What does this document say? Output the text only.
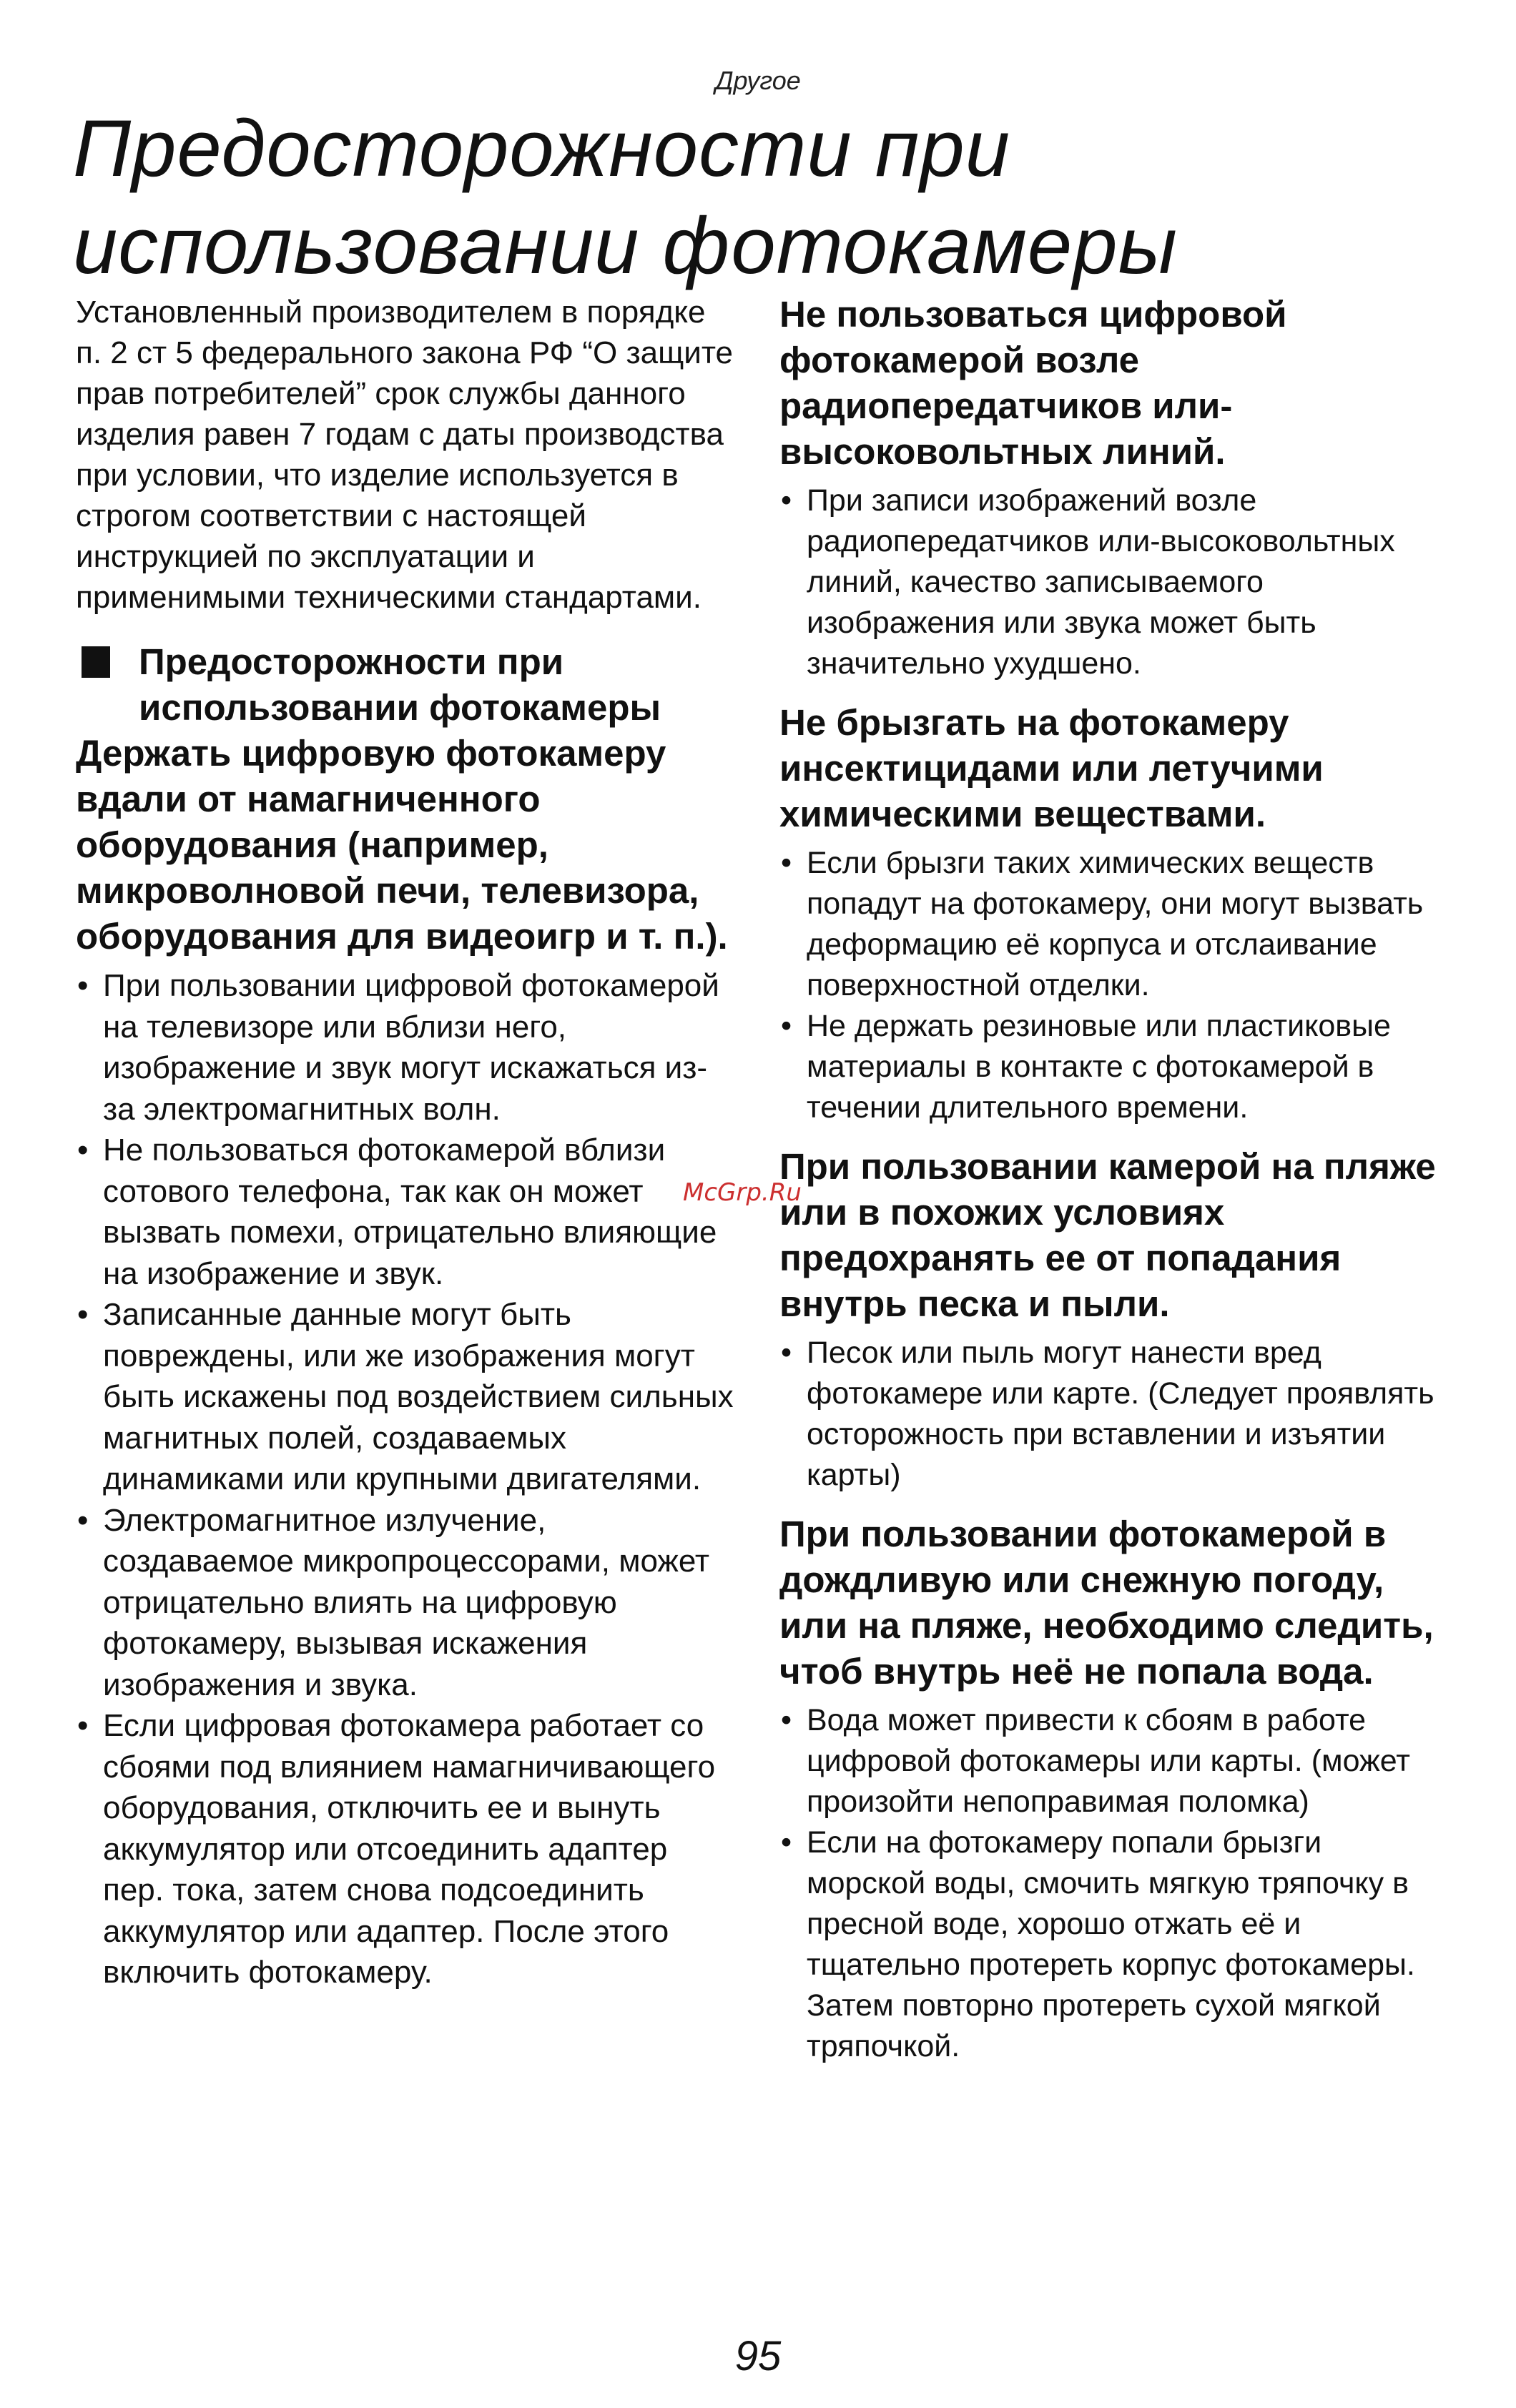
Другое
Предосторожности при
использовании фотокамеры

Установленный производителем в порядке п. 2 ст 5 федерального закона РФ “О защите прав потребителей” срок службы данного изделия равен 7 годам с даты производства при условии, что изделие используется в строгом соответствии с настоящей инструкцией по эксплуатации и применимыми техническими стандартами.

Предосторожности при использовании фотокамеры
Держать цифровую фотокамеру вдали от намагниченного оборудования (например, микроволновой печи, телевизора, оборудования для видеоигр и т. п.).
• При пользовании цифровой фотокамерой на телевизоре или вблизи него, изображение и звук могут искажаться из-за электромагнитных волн.
• Не пользоваться фотокамерой вблизи сотового телефона, так как он может вызвать помехи, отрицательно влияющие на изображение и звук.
• Записанные данные могут быть повреждены, или же изображения могут быть искажены под воздействием сильных магнитных полей, создаваемых динамиками или крупными двигателями.
• Электромагнитное излучение, создаваемое микропроцессорами, может отрицательно влиять на цифровую фотокамеру, вызывая искажения изображения и звука.
• Если цифровая фотокамера работает со сбоями под влиянием намагничивающего оборудования, отключить ее и вынуть аккумулятор или отсоединить адаптер пер. тока, затем снова подсоединить аккумулятор или адаптер. После этого включить фотокамеру.
Не пользоваться цифровой фотокамерой возле радиопередатчиков или-высоковольтных линий.
• При записи изображений возле радиопередатчиков или-высоковольтных линий, качество записываемого изображения или звука может быть значительно ухудшено.
Не брызгать на фотокамеру инсектицидами или летучими химическими веществами.
• Если брызги таких химических веществ попадут на фотокамеру, они могут вызвать деформацию её корпуса и отслаивание поверхностной отделки.
• Не держать резиновые или пластиковые материалы в контакте с фотокамерой в течении длительного времени.
При пользовании камерой на пляже или в похожих условиях предохранять ее от попадания внутрь песка и пыли.
• Песок или пыль могут нанести вред фотокамере или карте. (Следует проявлять осторожность при вставлении и изъятии карты)
При пользовании фотокамерой в дождливую или снежную погоду, или на пляже, необходимо следить, чтоб внутрь неё не попала вода.
• Вода может привести к сбоям в работе цифровой фотокамеры или карты. (может произойти непоправимая поломка)
• Если на фотокамеру попали брызги морской воды, смочить мягкую тряпочку в пресной воде, хорошо отжать её и тщательно протереть корпус фотокамеры. Затем повторно протереть сухой мягкой тряпочкой.
McGrp.Ru
95
